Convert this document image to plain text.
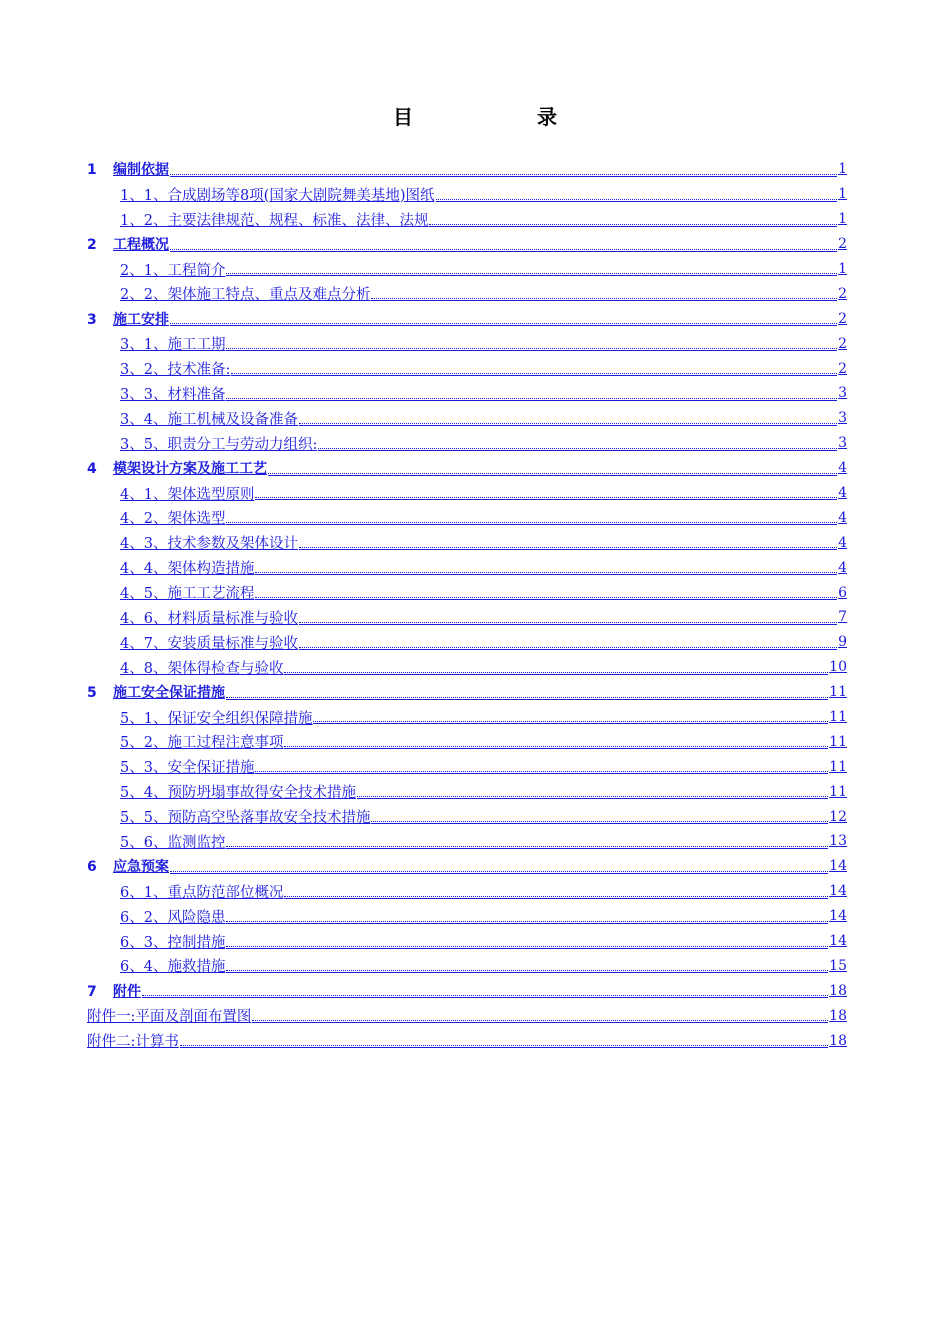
目　录
1 编制依据	1
1、1、合成剧场等8项(国家大剧院舞美基地)图纸	1
1、2、主要法律规范、规程、标准、法律、法规	1
2 工程概况	2
2、1、工程简介	1
2、2、架体施工特点、重点及难点分析	2
3 施工安排	2
3、1、施工工期	2
3、2、技术准备:	2
3、3、材料准备	3
3、4、施工机械及设备准备	3
3、5、职责分工与劳动力组织:	3
4 模架设计方案及施工工艺	4
4、1、架体选型原则	4
4、2、架体选型	4
4、3、技术参数及架体设计	4
4、4、架体构造措施	4
4、5、施工工艺流程	6
4、6、材料质量标准与验收	7
4、7、安装质量标准与验收	9
4、8、架体得检查与验收	10
5 施工安全保证措施	11
5、1、保证安全组织保障措施	11
5、2、施工过程注意事项	11
5、3、安全保证措施	11
5、4、预防坍塌事故得安全技术措施	11
5、5、预防高空坠落事故安全技术措施	12
5、6、监测监控	13
6 应急预案	14
6、1、重点防范部位概况	14
6、2、风险隐患	14
6、3、控制措施	14
6、4、施救措施	15
7 附件	18
附件一:平面及剖面布置图	18
附件二:计算书	18
